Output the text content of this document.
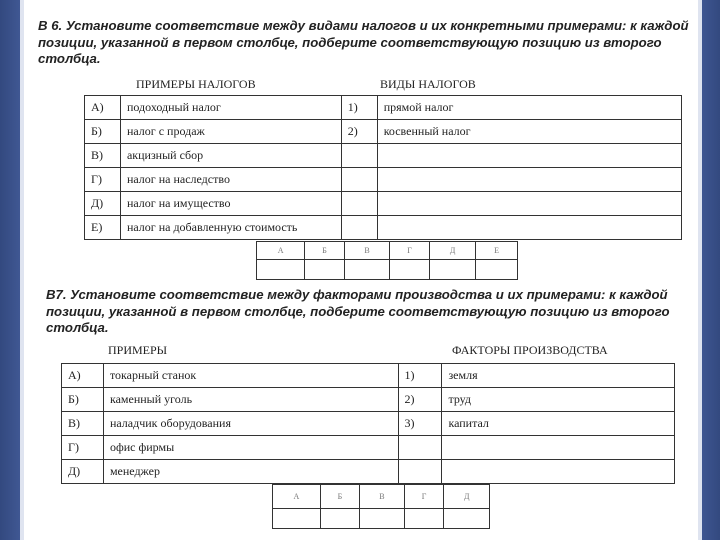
В 6. Установите соответствие между видами налогов и их конкретными примерами: к каждой позиции, указанной в первом столбце, подберите соответствующую позицию из второго столбца.

ПРИМЕРЫ НАЛОГОВ	ВИДЫ НАЛОГОВ
А)	подоходный налог	1)	прямой налог
Б)	налог с продаж	2)	косвенный налог
В)	акцизный сбор		
Г)	налог на наследство		
Д)	налог на имущество		
Е)	налог на добавленную стоимость		
А	Б	В	Г	Д	Е

В7. Установите соответствие между факторами производства и их примерами: к каждой позиции, указанной в первом столбце, подберите соответствующую позицию из второго столбца.

ПРИМЕРЫ	ФАКТОРЫ ПРОИЗВОДСТВА
А)	токарный станок	1)	земля
Б)	каменный уголь	2)	труд
В)	наладчик оборудования	3)	капитал
Г)	офис фирмы		
Д)	менеджер		
А	Б	В	Г	Д
